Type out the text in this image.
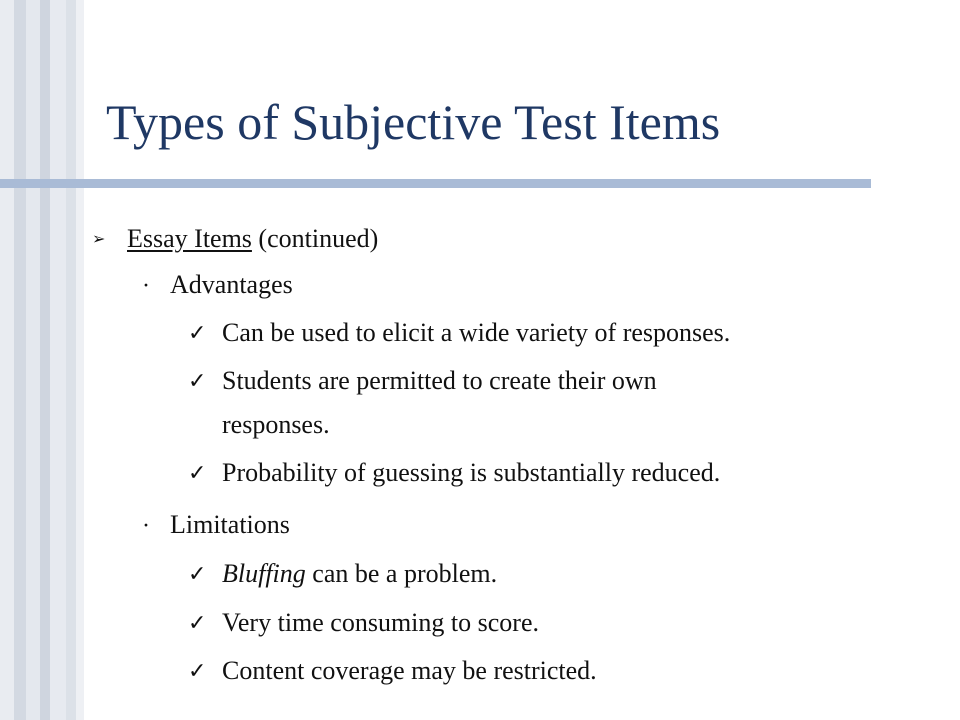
Types of Subjective Test Items
➢ Essay Items (continued)
· Advantages
✓ Can be used to elicit a wide variety of responses.
✓ Students are permitted to create their own
responses.
✓ Probability of guessing is substantially reduced.
· Limitations
✓ Bluffing can be a problem.
✓ Very time consuming to score.
✓ Content coverage may be restricted.
